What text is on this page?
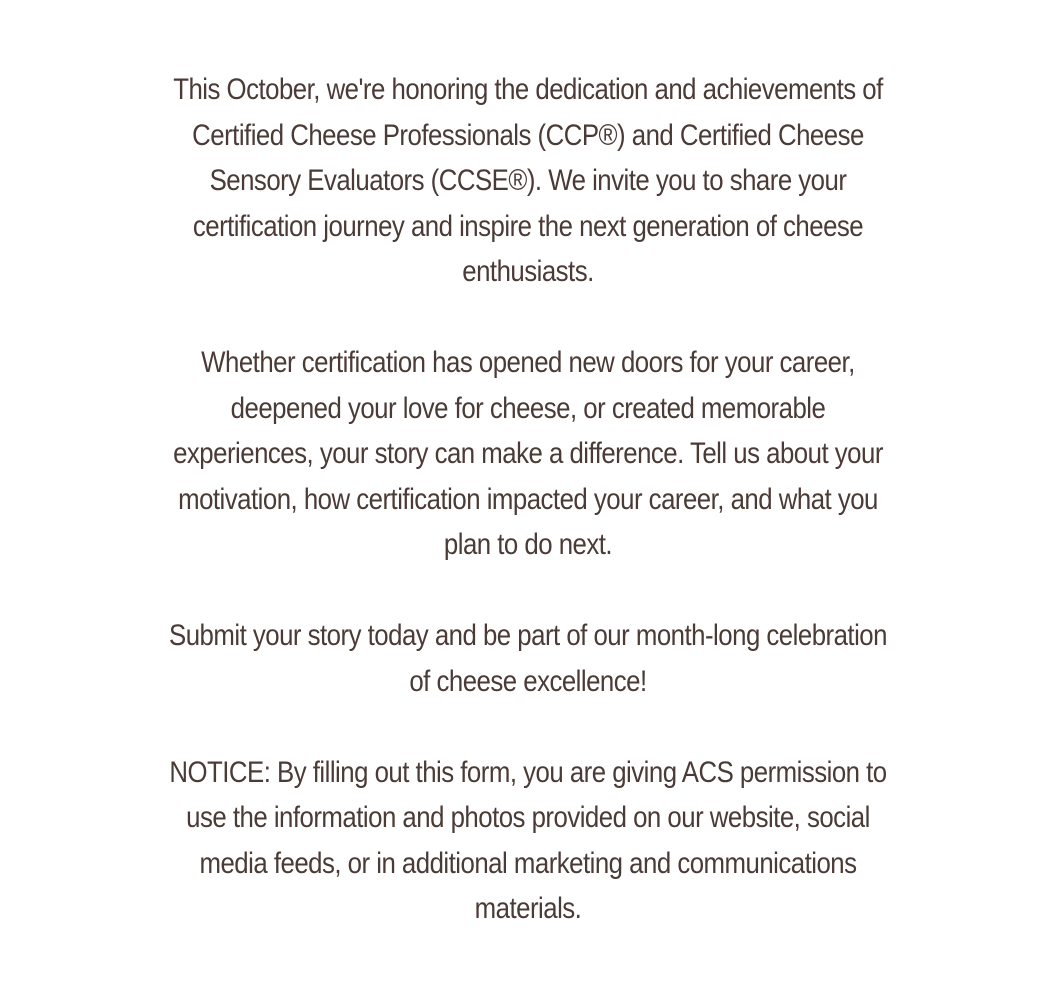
This October, we're honoring the dedication and achievements of Certified Cheese Professionals (CCP®) and Certified Cheese Sensory Evaluators (CCSE®). We invite you to share your certification journey and inspire the next generation of cheese enthusiasts.

Whether certification has opened new doors for your career, deepened your love for cheese, or created memorable experiences, your story can make a difference. Tell us about your motivation, how certification impacted your career, and what you plan to do next.

Submit your story today and be part of our month-long celebration of cheese excellence!

NOTICE: By filling out this form, you are giving ACS permission to use the information and photos provided on our website, social media feeds, or in additional marketing and communications materials.
